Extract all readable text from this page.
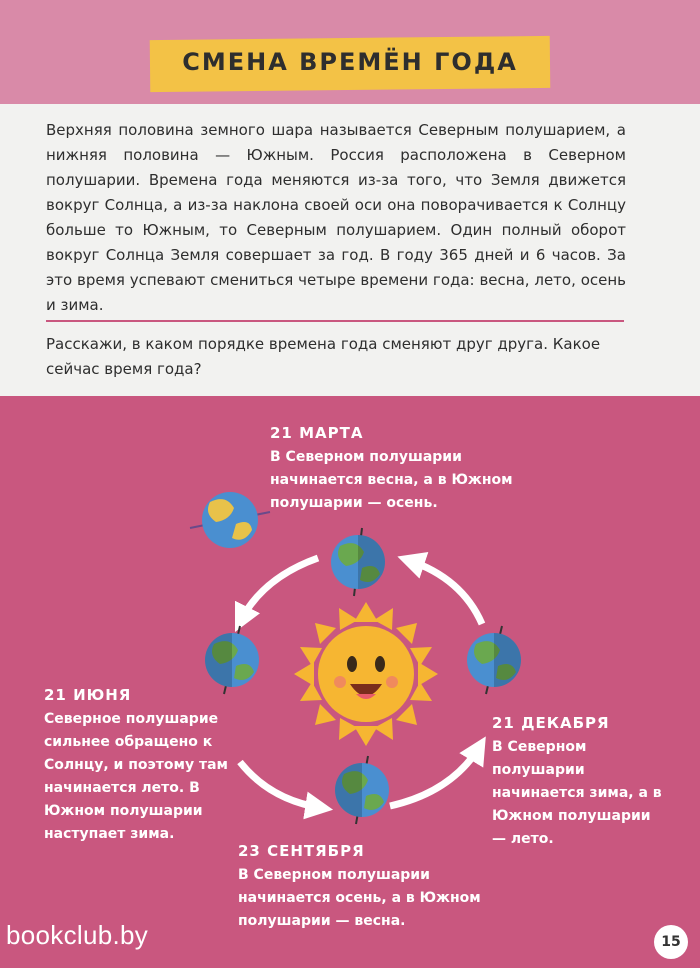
СМЕНА ВРЕМЁН ГОДА

Верхняя половина земного шара называется Северным полушарием, а нижняя половина — Южным. Россия расположена в Северном полушарии. Времена года меняются из-за того, что Земля движется вокруг Солнца, а из-за наклона своей оси она поворачивается к Солнцу больше то Южным, то Северным полушарием. Один полный оборот вокруг Солнца Земля совершает за год. В году 365 дней и 6 часов. За это время успевают смениться четыре времени года: весна, лето, осень и зима.

Расскажи, в каком порядке времена года сменяют друг друга. Какое сейчас время года?

21 МАРТА

В Северном полушарии начинается весна, а в Южном полушарии — осень.

21 ИЮНЯ

Северное полушарие сильнее обращено к Солнцу, и поэтому там начинается лето. В Южном полушарии наступает зима.

21 ДЕКАБРЯ

В Северном полушарии начинается зима, а в Южном полушарии — лето.

23 СЕНТЯБРЯ

В Северном полушарии начинается осень, а в Южном полушарии — весна.

15
bookclub.by
